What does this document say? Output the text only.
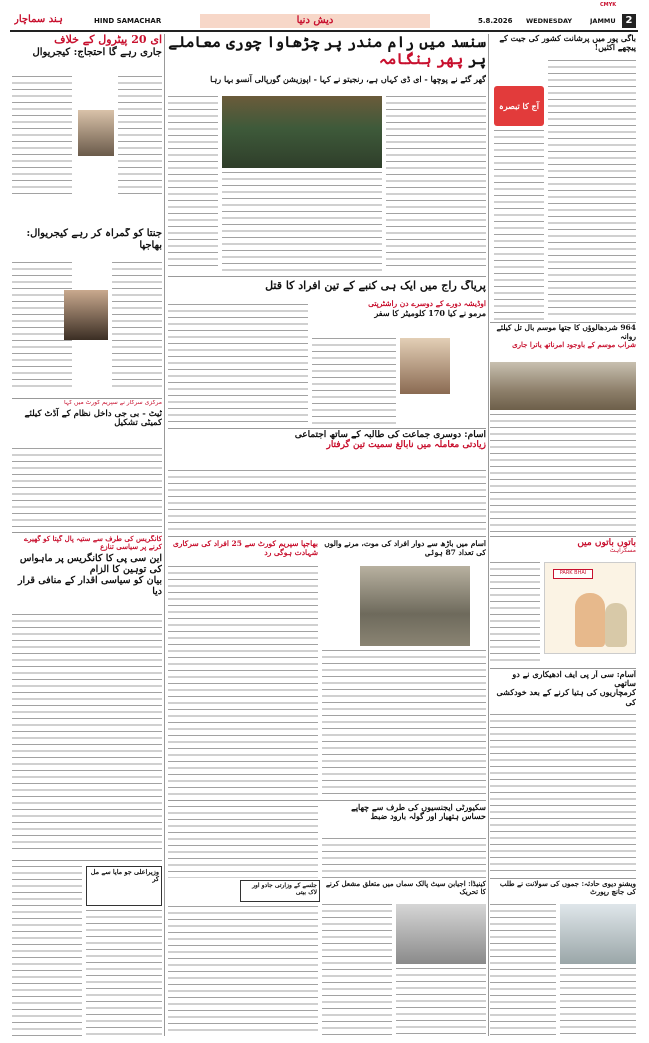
ہند سماچار	HIND SAMACHAR	دیش دنیا	5.8.2026	WEDNESDAY	JAMMU 2
CMYK
ای 20 پیٹرول کے خلاف
جاری رہے گا احتجاج: کیجریوال
جنتا کو گمراہ کر رہے کیجریوال: بھاجپا
مرکزی سرکار نے سپریم کورٹ میں کہا
ٹیٹ - بی جی داخل نظام کے آڈٹ کیلئے کمیٹی تشکیل
کانگریس کی طرف سے ستیہ پال گپتا کو گھیرے کرنے پر سیاسی تنازع
این سی پی کا کانگریس پر ماہواس کی توہین کا الزام
بیان کو سیاسی اقدار کے منافی قرار دیا
وزیراعلی جو مایا سے مل کر
سنسد میں رام مندر پر چڑھاوا چوری معاملے پر پھر ہنگامہ
گھر گئے نے پوچھا - ای ڈی کہاں ہے، رنجیتو نے کہا - اپوزیشن گورپالی آنسو بہا رہا
پریاگ راج میں ایک ہی کنبے کے تین افراد کا قتل
اوڈیشہ دورے کے دوسرے دن راشٹرپتی
مرمو نے کیا 170 کلومیٹر کا سفر
آسام: دوسری جماعت کی طالبہ کے ساتھ اجتماعی
زیادتی معاملہ میں نابالغ سمیت تین گرفتار
بھاجپا سپریم کورٹ سے 25 افراد کی سرکاری شہادت ہوگی رد
آسام میں باڑھ سے دوار افراد کی موت، مرنے والوں کی تعداد 87 ہوئی
سکیورٹی ایجنسیوں کی طرف سے چھاپے
حساس ہتھیار اور گولہ بارود ضبط
جلسے کے وزارتی جادو اور لاک بیتی
کینیڈا: اجیابن سیٹ پالک سماں میں متعلق مشعل کرنے کا تحریک
باگی پور میں پرشانت کشور کی جیت کے پیچھے اکثیں!
آج کا تبصرہ
964 شردھالوؤں کا جتھا موسم بال تل کیلئے روانہ
شراب موسم کے باوجود امرناتھ یاترا جاری
باتوں باتوں میں
مسکراہٹ
PARK BHAI
آسام: سی آر پی ایف ادھیکاری نے دو ساتھی
کرمچاریوں کی ہتیا کرنے کے بعد خودکشی کی
ویشنو دیوی حادثہ: جموں کی سولانت نے طلب کی جانچ رپورٹ
